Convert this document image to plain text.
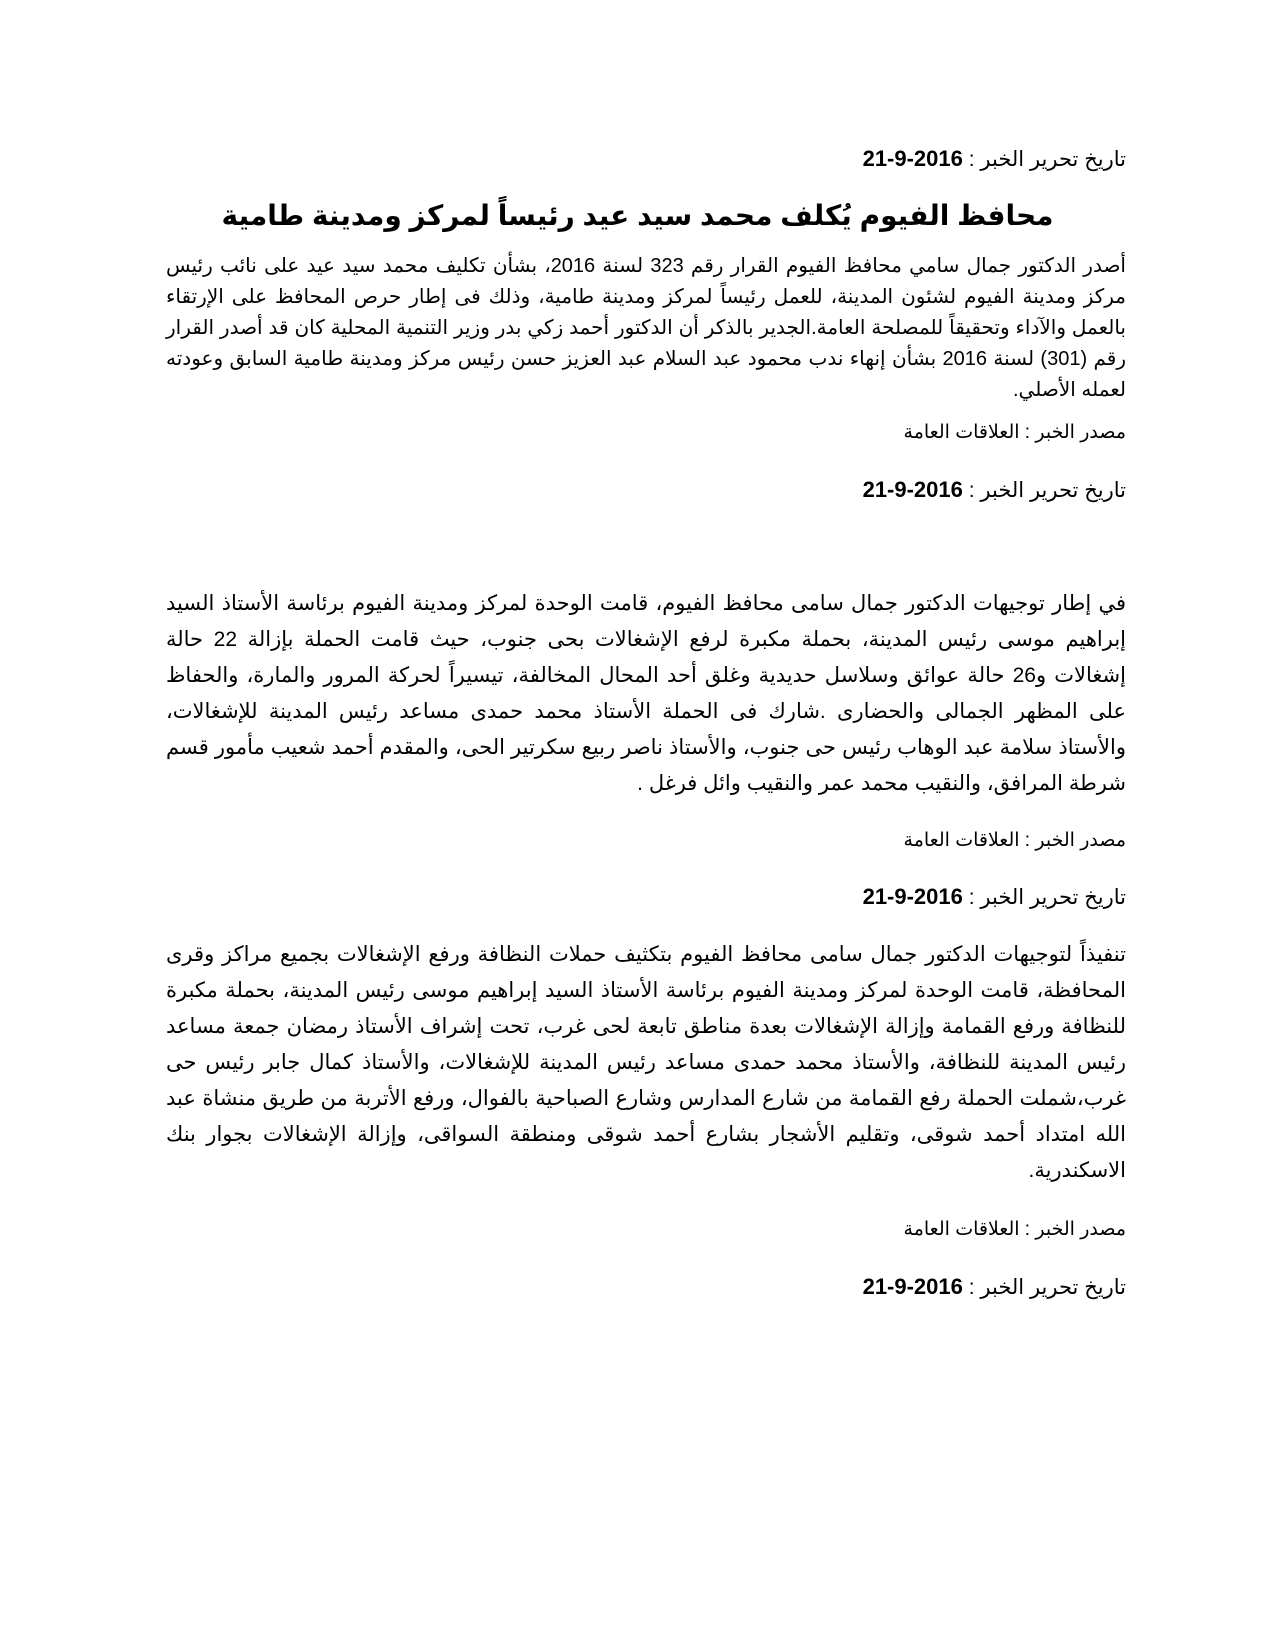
تاريخ تحرير الخبر : 21-9-2016
محافظ الفيوم يُكلف محمد سيد عيد رئيساً لمركز ومدينة طامية
أصدر الدكتور جمال سامي محافظ الفيوم القرار رقم 323 لسنة 2016، بشأن تكليف محمد سيد عيد على نائب رئيس مركز ومدينة الفيوم لشئون المدينة، للعمل رئيساً لمركز ومدينة طامية، وذلك فى إطار حرص المحافظ على الإرتقاء بالعمل والآداء وتحقيقاً للمصلحة العامة.الجدير بالذكر أن الدكتور أحمد زكي بدر وزير التنمية المحلية كان قد أصدر القرار رقم (301) لسنة 2016 بشأن إنهاء ندب محمود عبد السلام عبد العزيز حسن رئيس مركز ومدينة طامية السابق وعودته لعمله الأصلي.
مصدر الخبر : العلاقات العامة
تاريخ تحرير الخبر : 21-9-2016
في إطار توجيهات الدكتور جمال سامى محافظ الفيوم، قامت الوحدة لمركز ومدينة الفيوم برئاسة الأستاذ السيد إبراهيم موسى رئيس المدينة، بحملة مكبرة لرفع الإشغالات بحى جنوب، حيث قامت الحملة بإزالة 22 حالة إشغالات و26 حالة عوائق وسلاسل حديدية وغلق أحد المحال المخالفة، تيسيراً لحركة المرور والمارة، والحفاظ على المظهر الجمالى والحضارى .شارك فى الحملة الأستاذ محمد حمدى مساعد رئيس المدينة للإشغالات، والأستاذ سلامة عبد الوهاب رئيس حى جنوب، والأستاذ ناصر ربيع سكرتير الحى، والمقدم أحمد شعيب مأمور قسم شرطة المرافق، والنقيب محمد عمر والنقيب وائل فرغل .
مصدر الخبر : العلاقات العامة
تاريخ تحرير الخبر : 21-9-2016
تنفيذاً لتوجيهات الدكتور جمال سامى محافظ الفيوم بتكثيف حملات النظافة ورفع الإشغالات بجميع مراكز وقرى المحافظة، قامت الوحدة لمركز ومدينة الفيوم برئاسة الأستاذ السيد إبراهيم موسى رئيس المدينة، بحملة مكبرة للنظافة ورفع القمامة وإزالة الإشغالات بعدة مناطق تابعة لحى غرب، تحت إشراف الأستاذ رمضان جمعة مساعد رئيس المدينة للنظافة، والأستاذ محمد حمدى مساعد رئيس المدينة للإشغالات، والأستاذ كمال جابر رئيس حى غرب،شملت الحملة رفع القمامة من شارع المدارس وشارع الصباحية بالفوال، ورفع الأتربة من طريق منشاة عبد الله امتداد أحمد شوقى، وتقليم الأشجار بشارع أحمد شوقى ومنطقة السواقى، وإزالة الإشغالات بجوار بنك الاسكندرية.
مصدر الخبر : العلاقات العامة
تاريخ تحرير الخبر : 21-9-2016
